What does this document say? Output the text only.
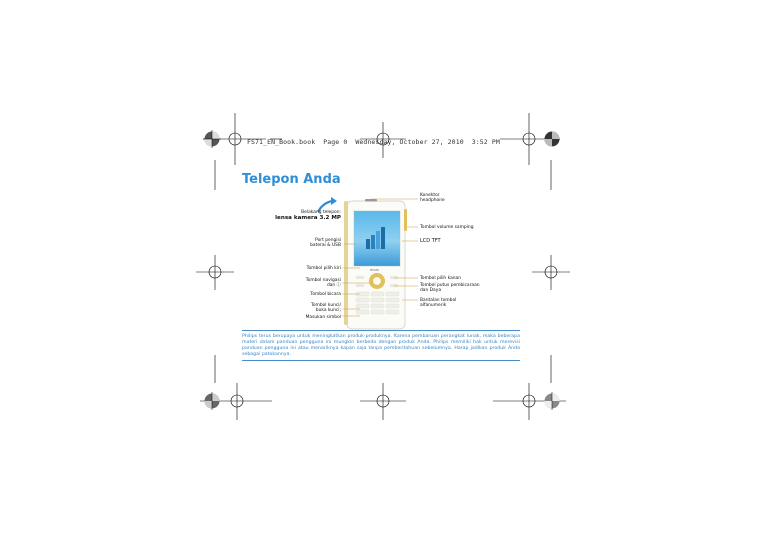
FS71_EN_Book.book  Page 0  Wednesday, October 27, 2010  3:52 PM
Telepon Anda
PHILIPS
Konektor
headphone
Belakang telepon:
lensa kamera 3.2 MP
Tombol volume samping
Port pengisi
baterai & USB
LCD TFT
Tombol pilih kiri
Tombol navigasi
dan ⓘ
Tombol bicara
Tombol kunci/
buka kunci;
Masukan simbol
Tombol pilih kanan
Tombol putus pembicaraan
dan Daya
Bantalan tombol
alfanumerik
Philips terus berupaya untuk meningkatkan produk-produknya. Karena pembaruan perangkat lunak, maka beberapa materi dalam panduan pengguna ini mungkin berbeda dengan produk Anda. Philips memiliki hak untuk merevisi panduan pengguna ini atau menariknya kapan saja tanpa pemberitahuan sebelumnya. Harap jadikan produk Anda sebagai patokannya.
